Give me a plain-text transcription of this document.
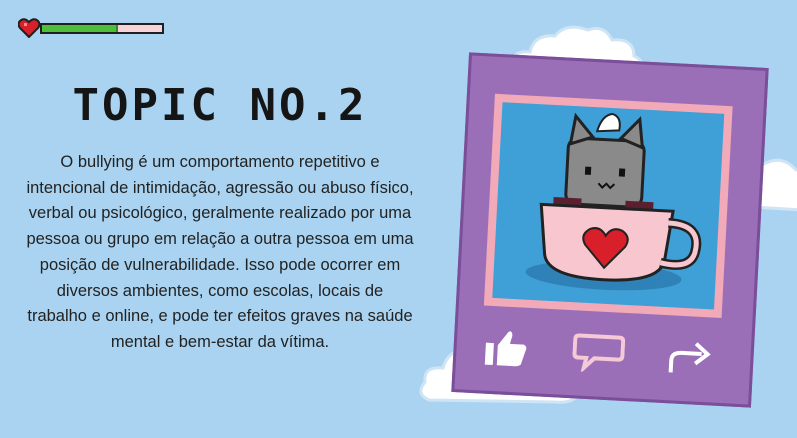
TOPIC NO.2

O bullying é um comportamento repetitivo e intencional de intimidação, agressão ou abuso físico, verbal ou psicológico, geralmente realizado por uma pessoa ou grupo em relação a outra pessoa em uma posição de vulnerabilidade. Isso pode ocorrer em diversos ambientes, como escolas, locais de trabalho e online, e pode ter efeitos graves na saúde mental e bem-estar da vítima.
